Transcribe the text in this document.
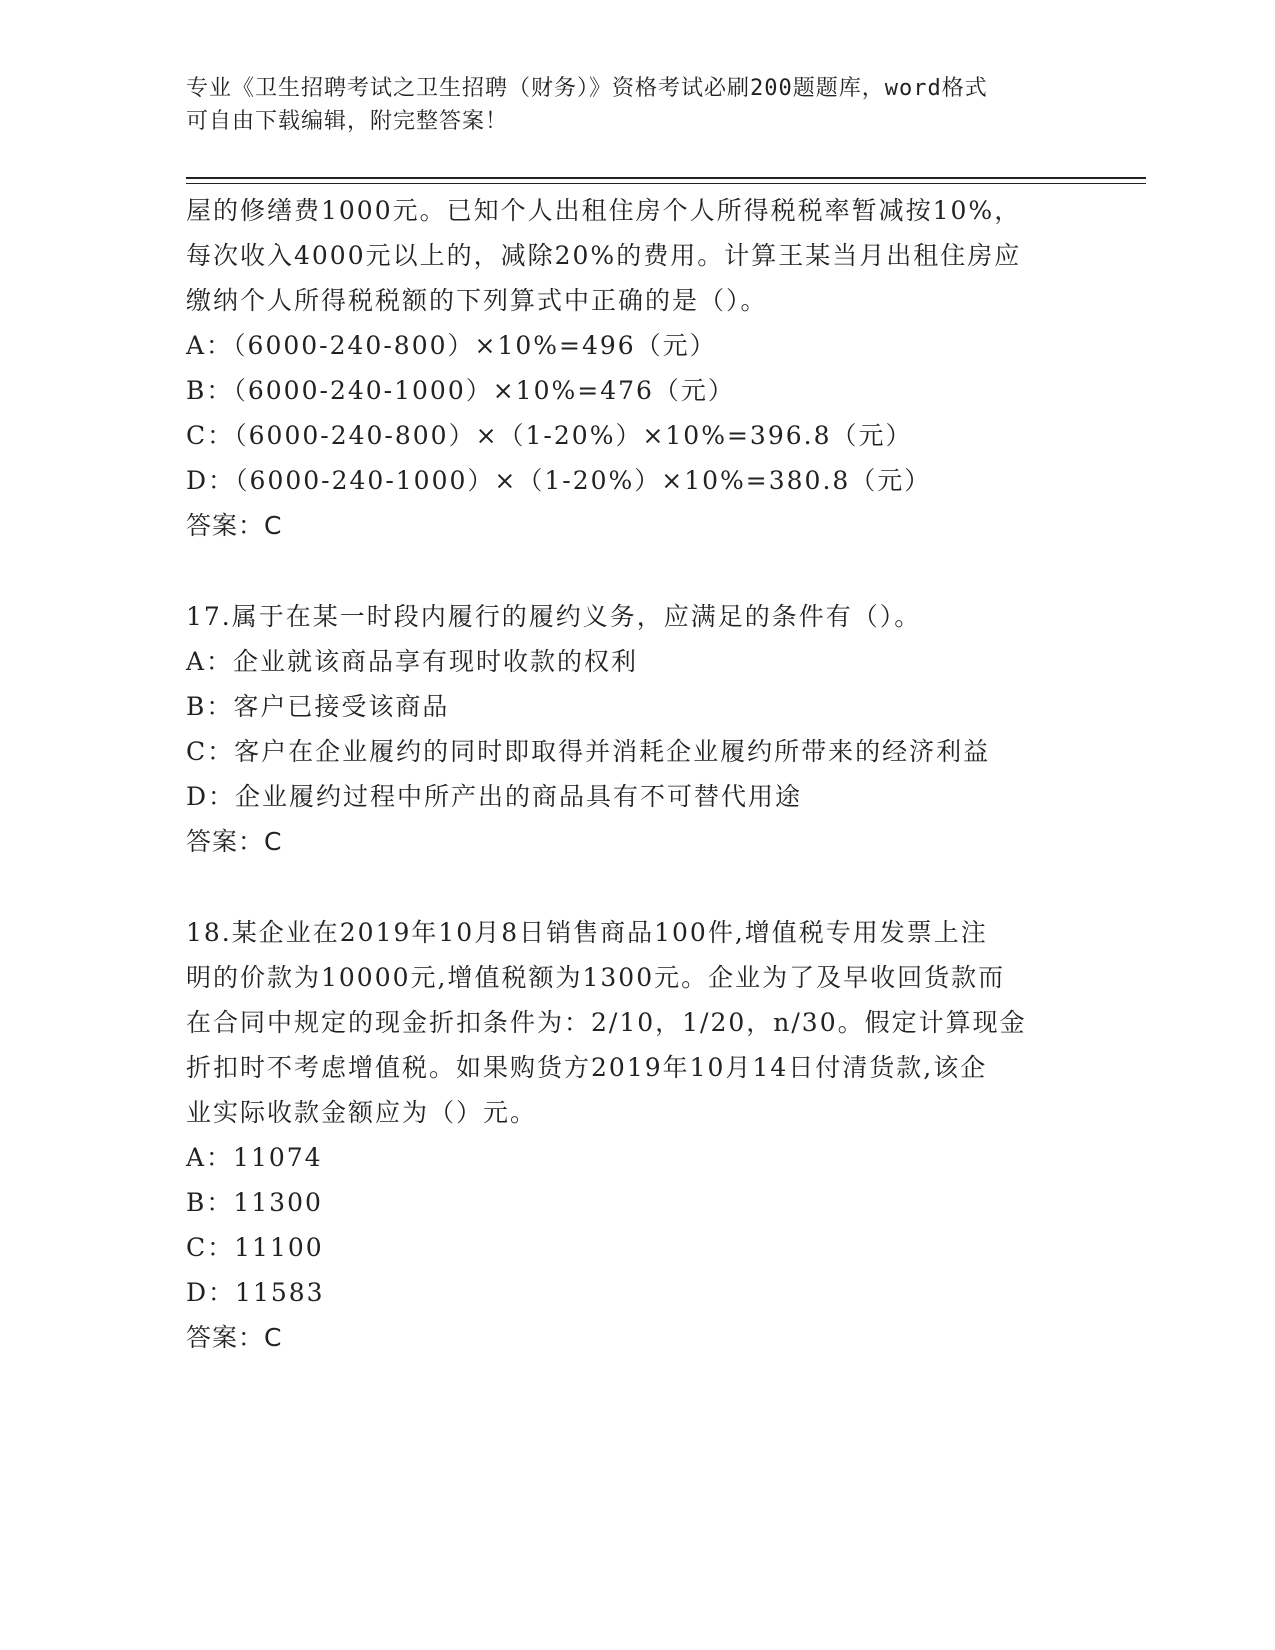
专业《卫生招聘考试之卫生招聘（财务）》资格考试必刷200题题库，word格式
可自由下载编辑，附完整答案！
屋的修缮费1000元。已知个人出租住房个人所得税税率暂减按10%，
每次收入4000元以上的，减除20%的费用。计算王某当月出租住房应
缴纳个人所得税税额的下列算式中正确的是（）。
A：（6000-240-800）×10%=496（元）
B：（6000-240-1000）×10%=476（元）
C：（6000-240-800）×（1-20%）×10%=396.8（元）
D：（6000-240-1000）×（1-20%）×10%=380.8（元）
答案：C
17.属于在某一时段内履行的履约义务，应满足的条件有（）。
A：企业就该商品享有现时收款的权利
B：客户已接受该商品
C：客户在企业履约的同时即取得并消耗企业履约所带来的经济利益
D：企业履约过程中所产出的商品具有不可替代用途
答案：C
18.某企业在2019年10月8日销售商品100件,增值税专用发票上注
明的价款为10000元,增值税额为1300元。企业为了及早收回货款而
在合同中规定的现金折扣条件为：2/10，1/20，n/30。假定计算现金
折扣时不考虑增值税。如果购货方2019年10月14日付清货款,该企
业实际收款金额应为（）元。
A：11074
B：11300
C：11100
D：11583
答案：C
